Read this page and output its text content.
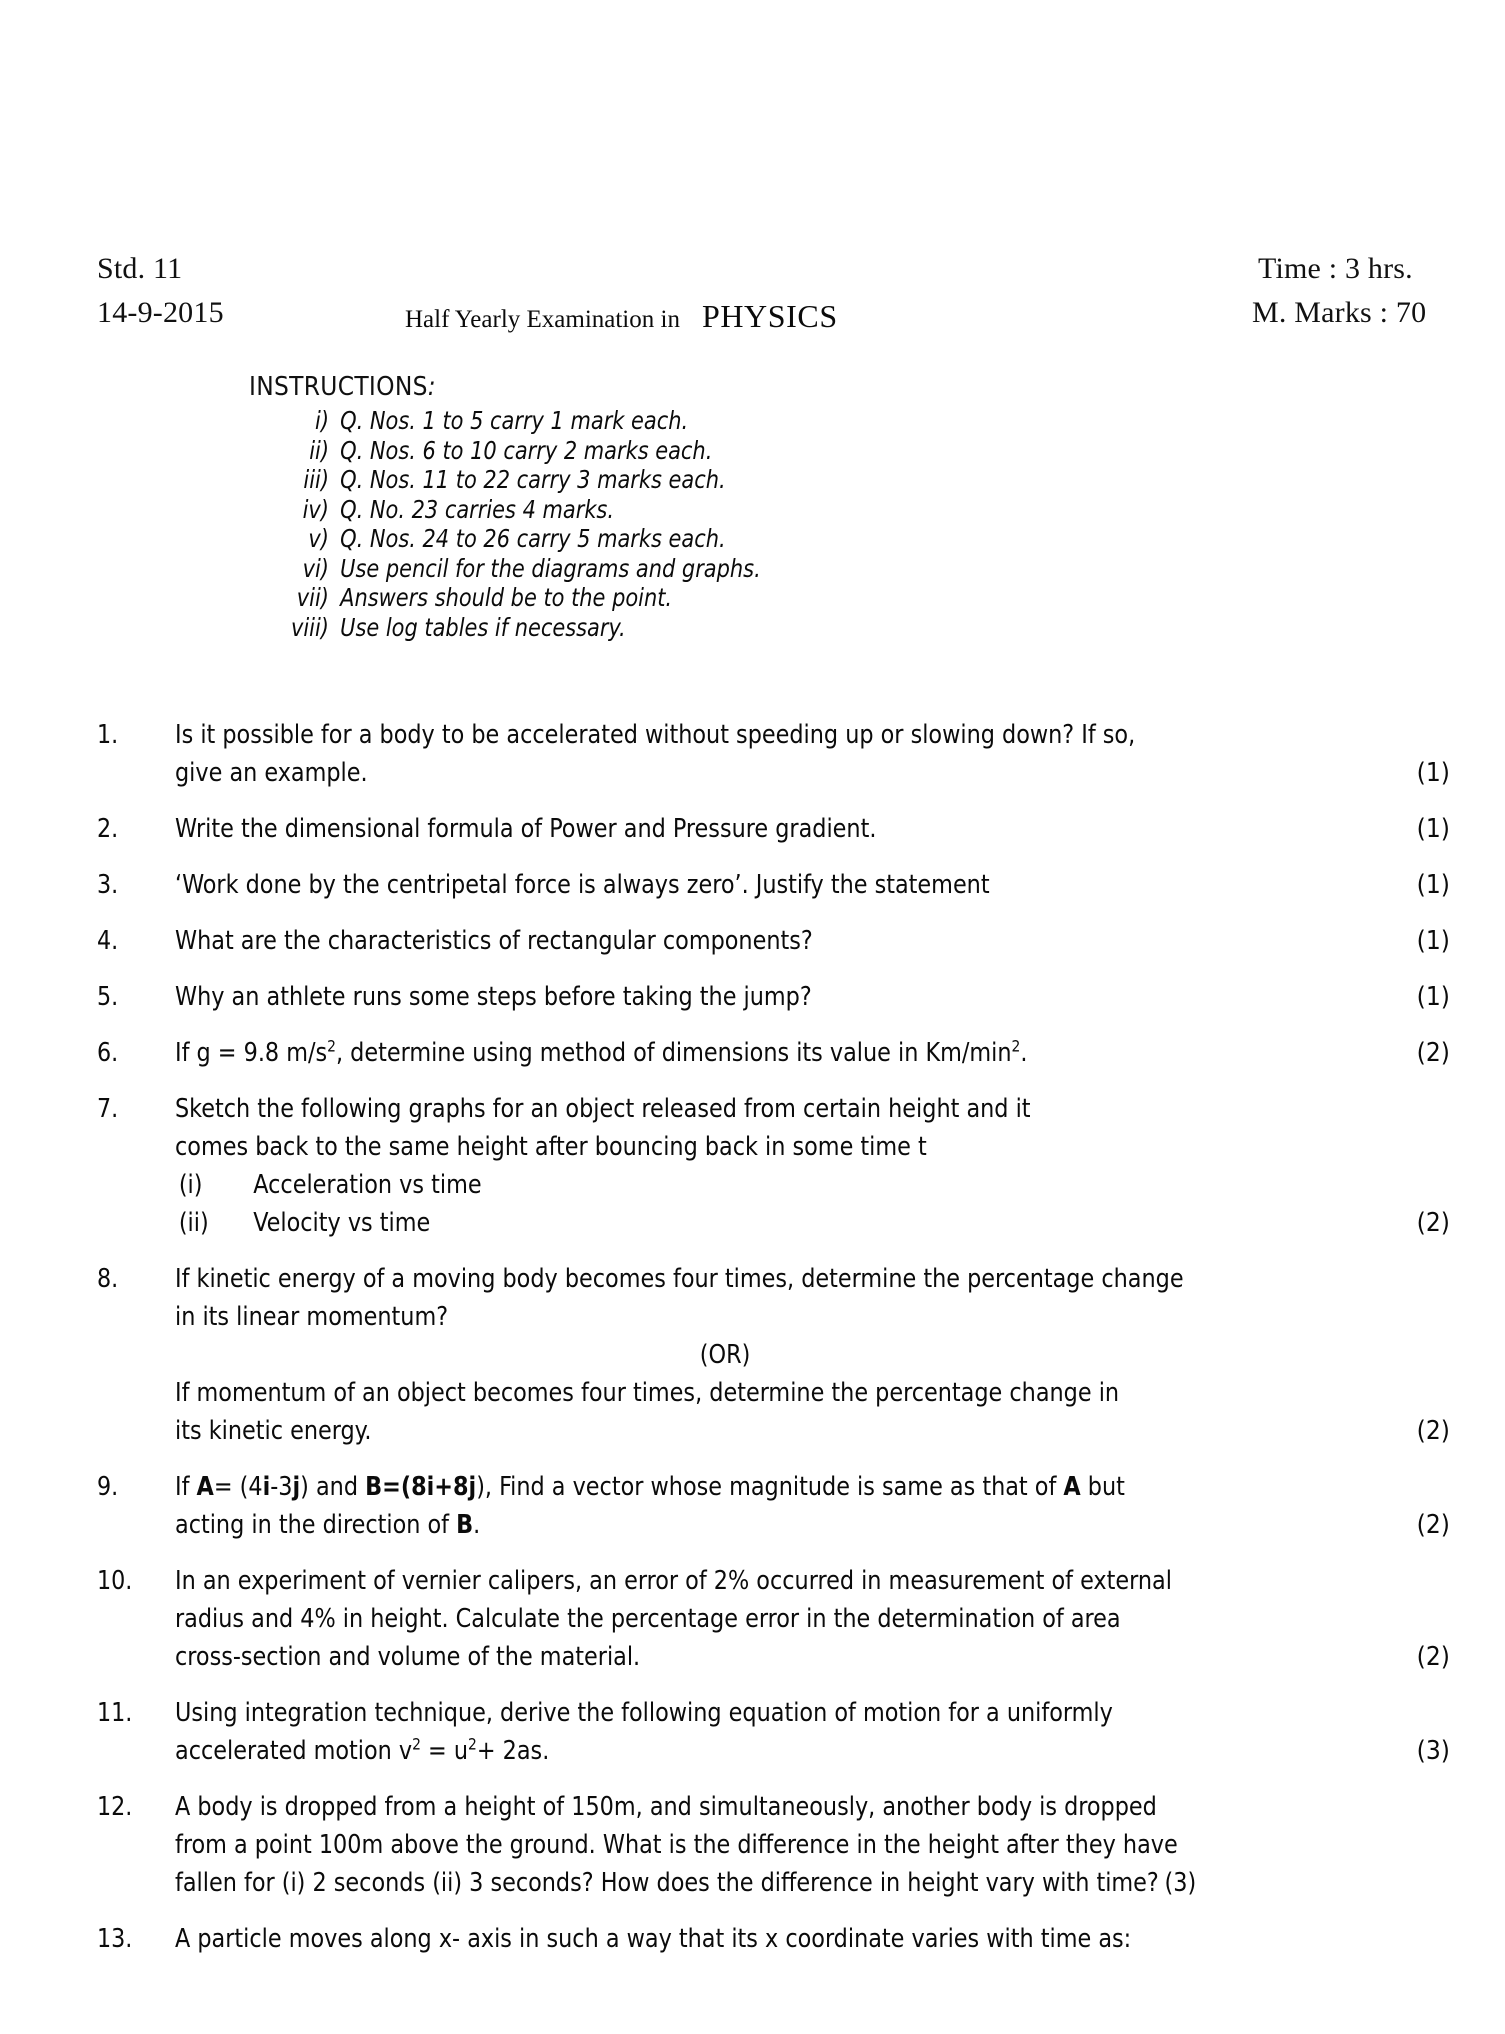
Std. 11
14-9-2015
Time : 3 hrs.
M. Marks : 70
Half Yearly Examination in PHYSICS
INSTRUCTIONS:
i) Q. Nos. 1 to 5 carry 1 mark each.
ii) Q. Nos. 6 to 10 carry 2 marks each.
iii) Q. Nos. 11 to 22 carry 3 marks each.
iv) Q. No. 23 carries 4 marks.
v) Q. Nos. 24 to 26 carry 5 marks each.
vi) Use pencil for the diagrams and graphs.
vii) Answers should be to the point.
viii) Use log tables if necessary.
1.	Is it possible for a body to be accelerated without speeding up or slowing down? If so,
give an example.	(1)
2.	Write the dimensional formula of Power and Pressure gradient.	(1)
3.	‘Work done by the centripetal force is always zero’. Justify the statement	(1)
4.	What are the characteristics of rectangular components?	(1)
5.	Why an athlete runs some steps before taking the jump?	(1)
6.	If g = 9.8 $m/s^2$, determine using method of dimensions its value in $Km/\min^2$.	(2)
7.	Sketch the following graphs for an object released from certain height and it
comes back to the same height after bouncing back in some time t
(i)	Acceleration vs time
(ii)	Velocity vs time	(2)
8.	If kinetic energy of a moving body becomes four times, determine the percentage change
in its linear momentum?
(OR)
If momentum of an object becomes four times, determine the percentage change in
its kinetic energy.	(2)
9.	If A= (4i-3j) and B=(8i+8j), Find a vector whose magnitude is same as that of A but
acting in the direction of B.	(2)
10.	In an experiment of vernier calipers, an error of 2% occurred in measurement of external
radius and 4% in height. Calculate the percentage error in the determination of area
cross-section and volume of the material.	(2)
11.	Using integration technique, derive the following equation of motion for a uniformly
accelerated motion $v^2 = u^2+ 2as$.	(3)
12.	A body is dropped from a height of 150m, and simultaneously, another body is dropped
from a point 100m above the ground. What is the difference in the height after they have
fallen for (i) 2 seconds (ii) 3 seconds? How does the difference in height vary with time? (3)
13.	A particle moves along x- axis in such a way that its x coordinate varies with time as:
